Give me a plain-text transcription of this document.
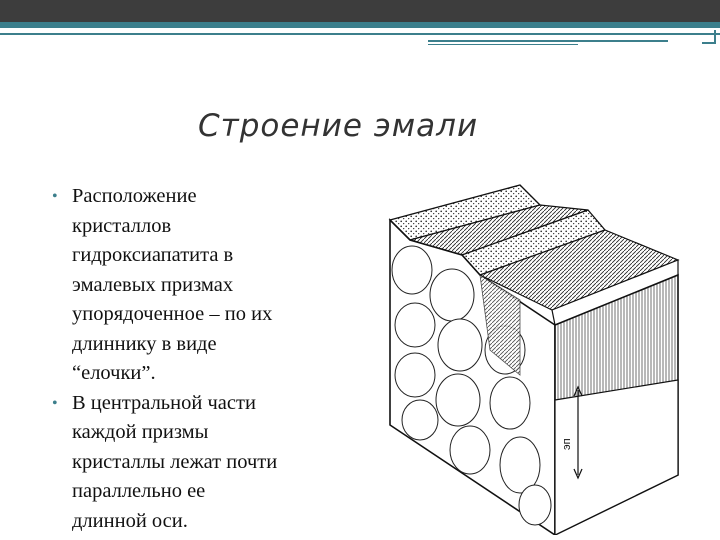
Строение эмали
• Расположение
кристаллов
гидроксиапатита в
эмалевых призмах
упорядоченное – по их
длиннику в виде
“елочки”.
• В центральной части
каждой призмы
кристаллы лежат почти
параллельно ее
длинной оси.
эп
